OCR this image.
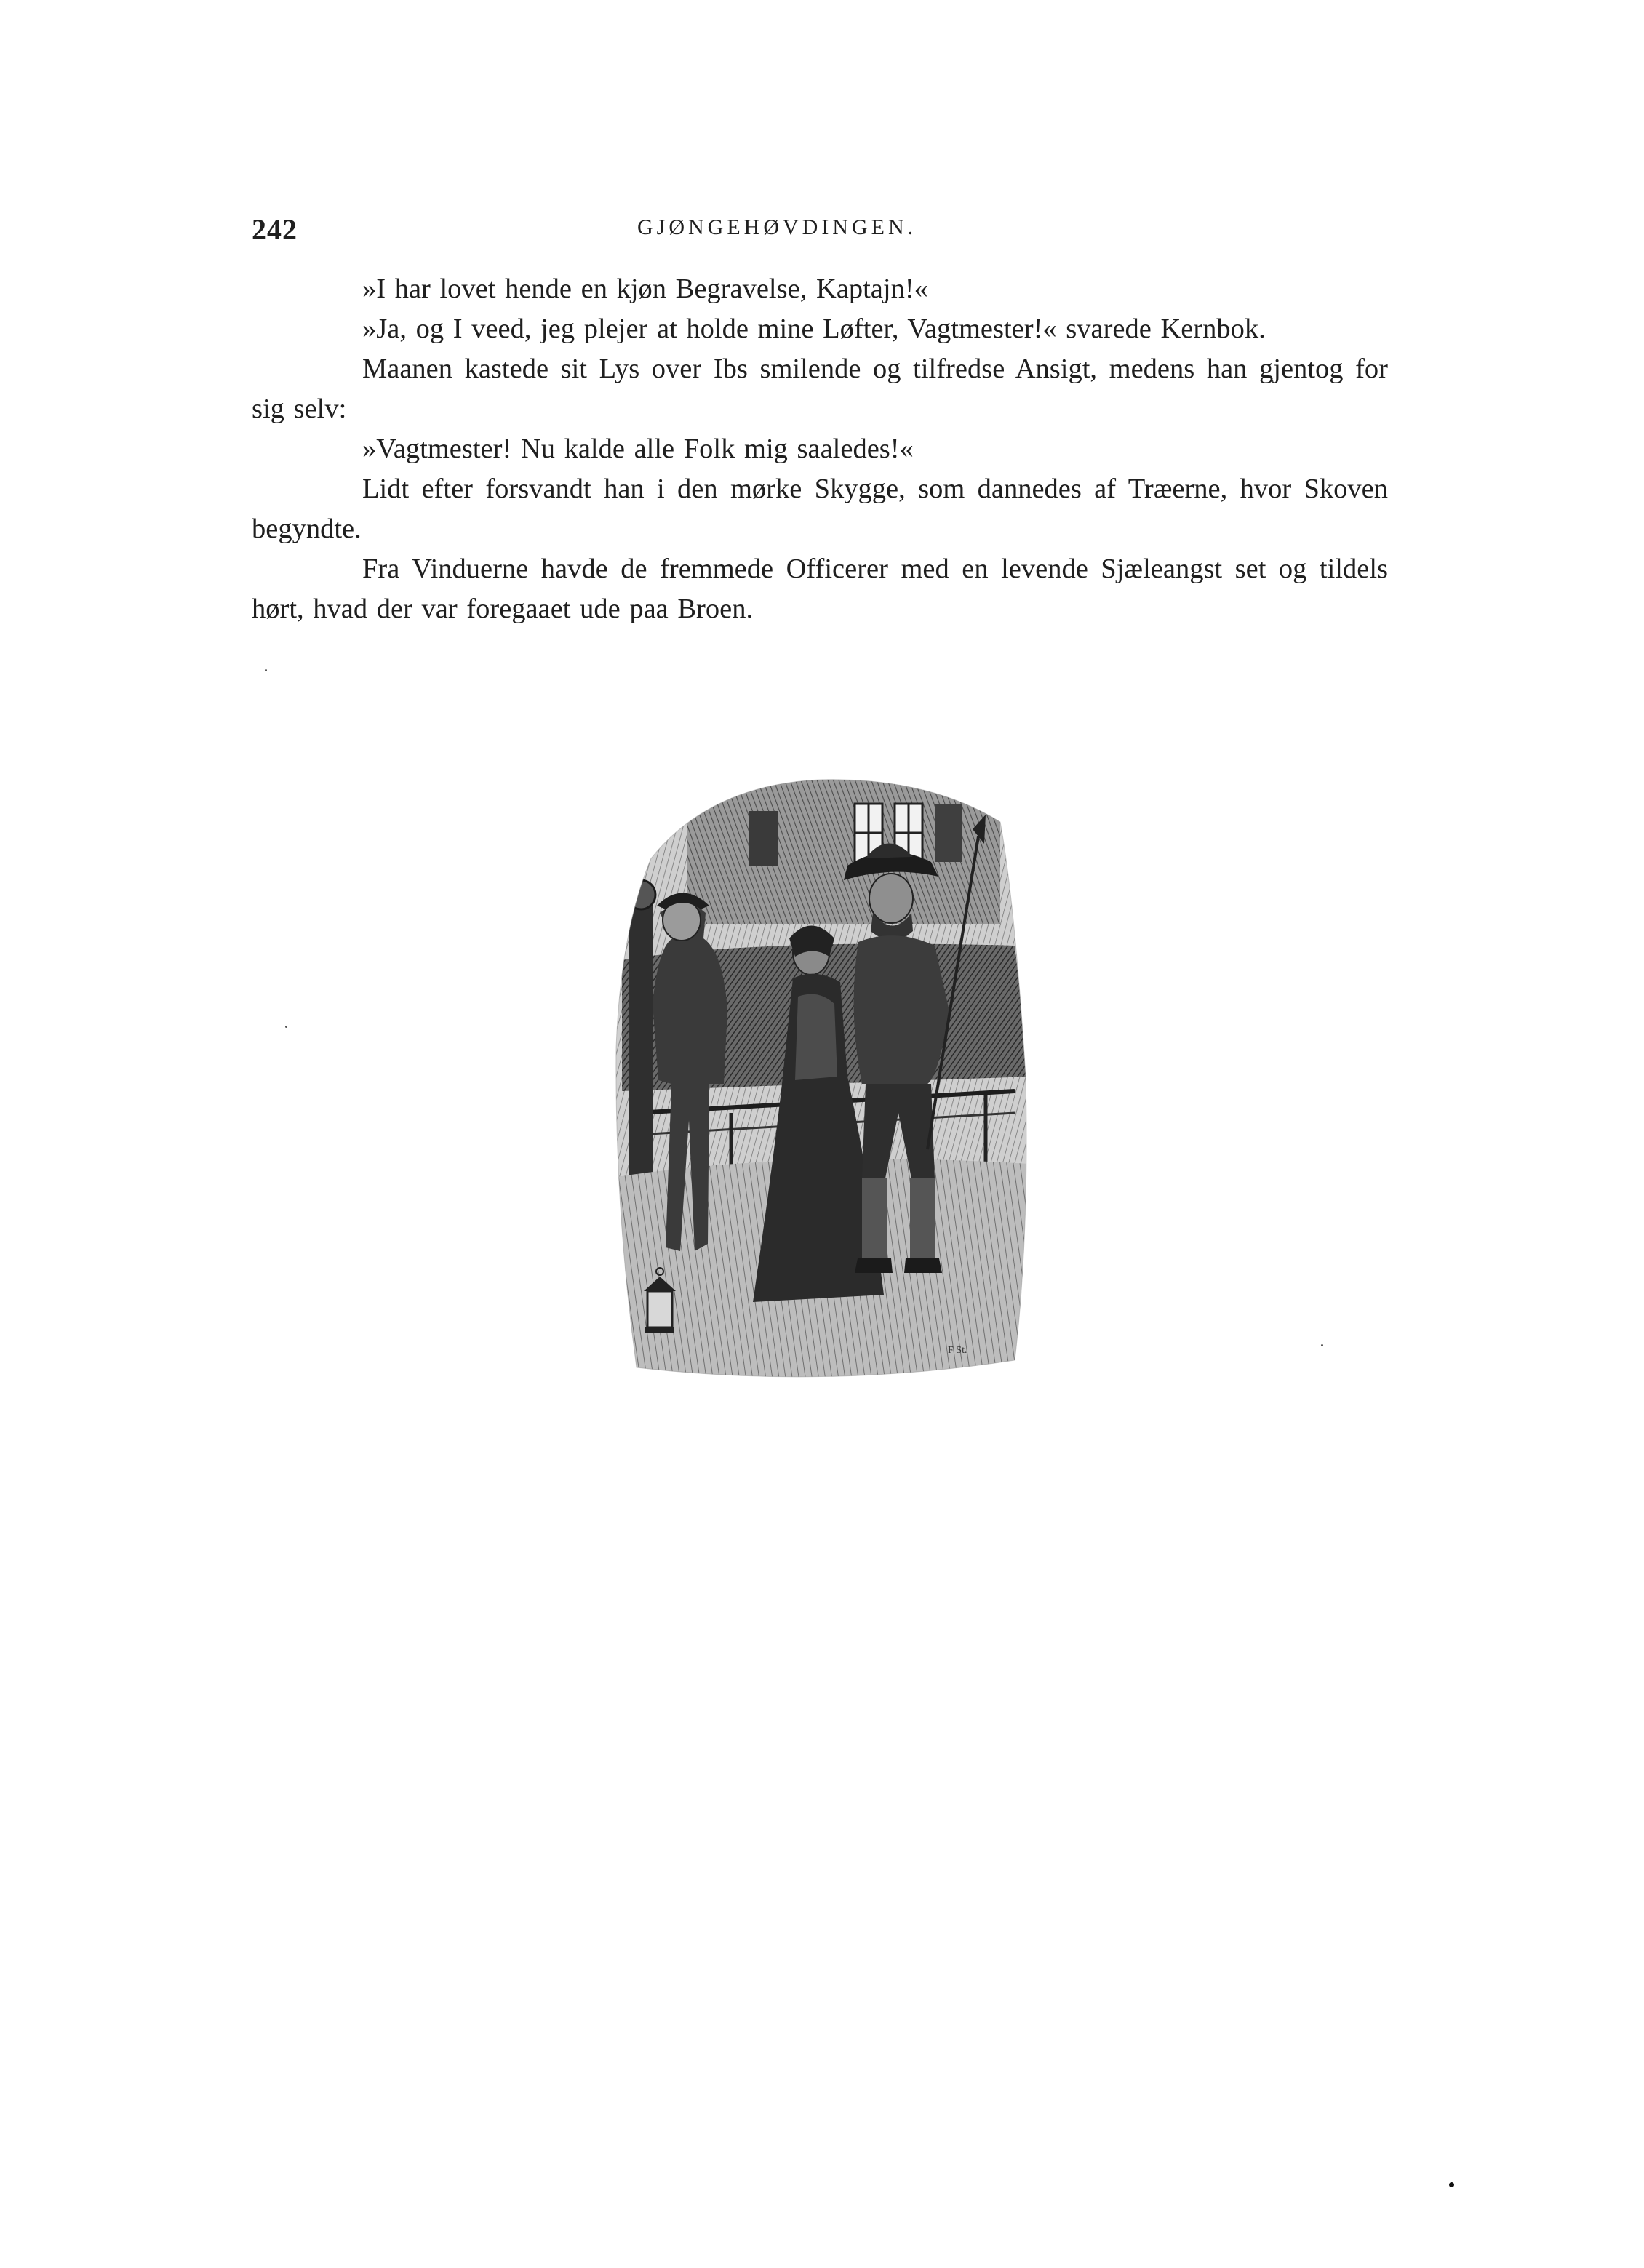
242	GJØNGEHØVDINGEN.

»I har lovet hende en kjøn Begravelse, Kaptajn!«

»Ja, og I veed, jeg plejer at holde mine Løfter, Vagtmester!« svarede Kernbok.

Maanen kastede sit Lys over Ibs smilende og tilfredse Ansigt, medens han gjentog for sig selv:

»Vagtmester! Nu kalde alle Folk mig saaledes!«

Lidt efter forsvandt han i den mørke Skygge, som dannedes af Træerne, hvor Skoven begyndte.

Fra Vinduerne havde de fremmede Officerer med en levende Sjæleangst set og tildels hørt, hvad der var foregaaet ude paa Broen.

F St.
